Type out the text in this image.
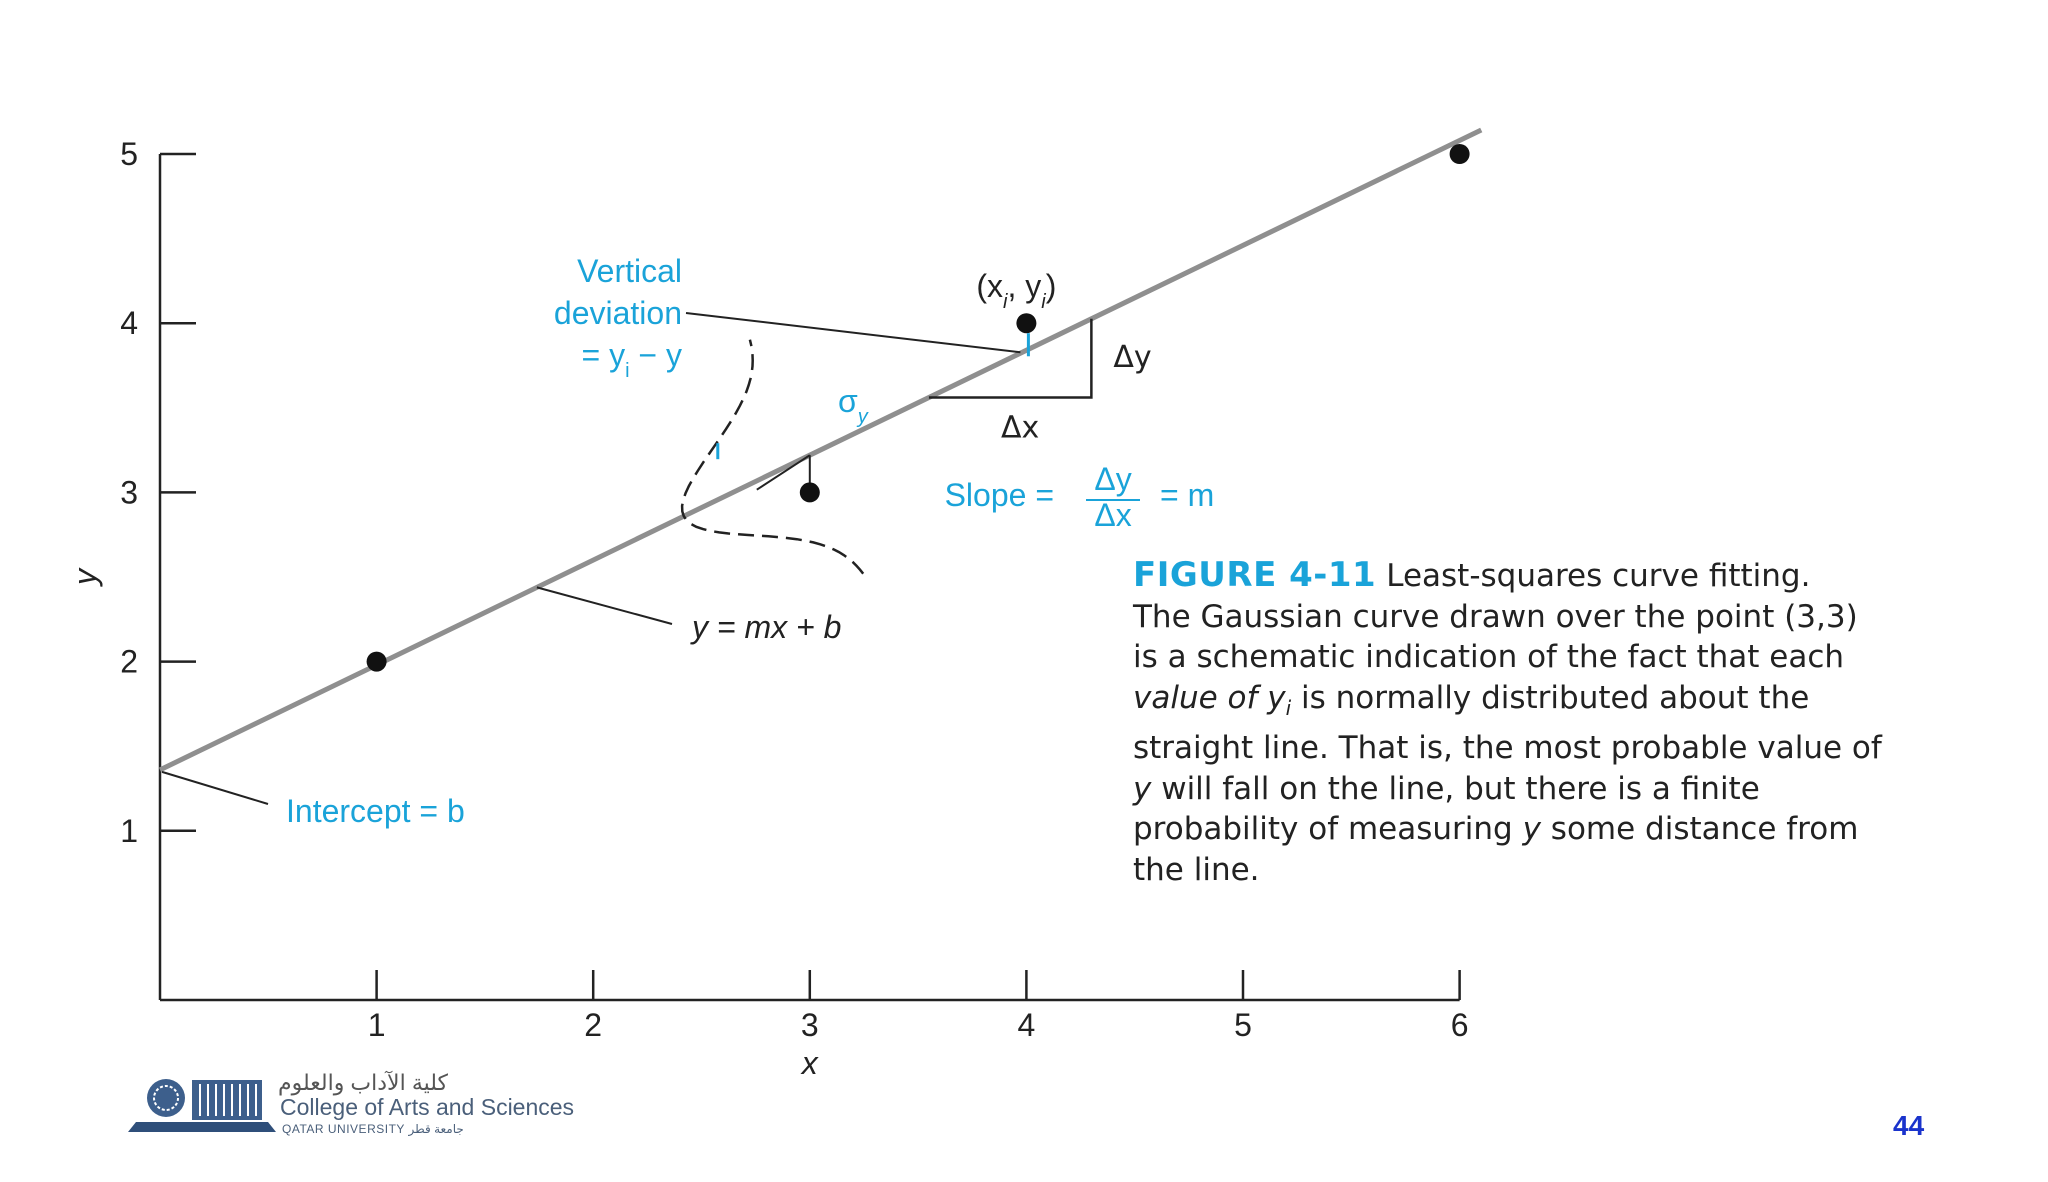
1	2	3	4	5	6
1
2
3
4
5
x
y
Δy
Δx
($x_i$, $y_i$)
Vertical
deviation
= $y_i - y$
$\sigma_y$
Slope = Δy
Δx
= m
y = mx + b
Intercept = b
FIGURE 4-11 Least-squares curve fitting.
The Gaussian curve drawn over the point (3,3)
is a schematic indication of the fact that each
value of $y_i$ is normally distributed about the
straight line. That is, the most probable value of
y will fall on the line, but there is a finite
probability of measuring y some distance from
the line.
كلية الآداب والعلوم
College of Arts and Sciences
QATAR UNIVERSITY جامعة قطر	44
